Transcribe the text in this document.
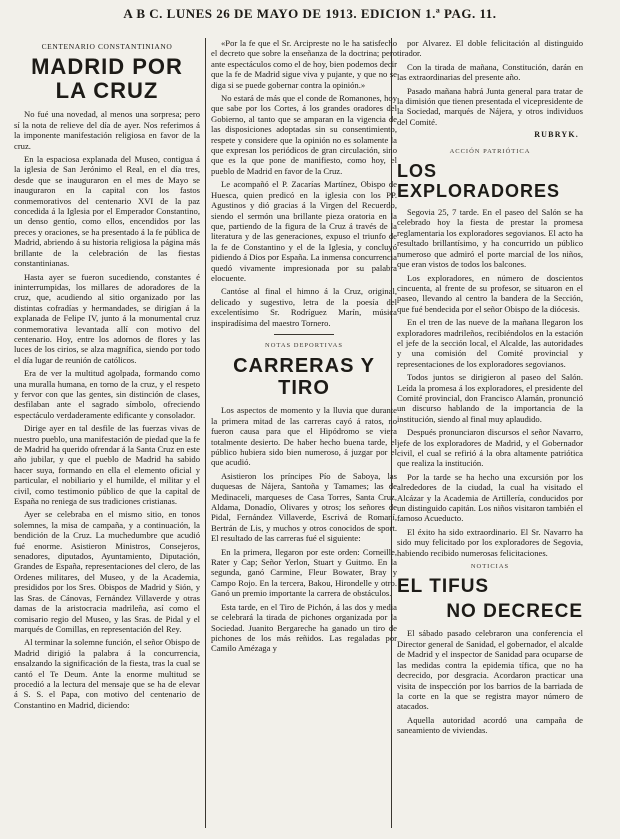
A B C. LUNES 26 DE MAYO DE 1913. EDICION 1.ª PAG. 11.
CENTENARIO CONSTANTINIANO
MADRID POR LA CRUZ

No fué una novedad, al menos una sorpresa; pero sí la nota de relieve del día de ayer. Nos referimos á la imponente manifestación religiosa en favor de la cruz.

En la espaciosa explanada del Museo, contigua á la iglesia de San Jerónimo el Real, en el día tres, desde que se inauguraron en el mes de Mayo se inauguraron en la capital con los fastos conmemorativos del centenario XVI de la paz concedida á la Iglesia por el Emperador Constantino, un denso gentío, como ellos, encendidos por las preces y oraciones, se ha presentado á la fe pública de Madrid, abriendo á su historia religiosa la página más brillante de la celebración de las fiestas constantinianas.

Hasta ayer se fueron sucediendo, constantes é ininterrumpidas, los millares de adoradores de la cruz, que, acudiendo al sitio organizado por las distintas cofradías y hermandades, se dirigían á la explanada de Felipe IV, junto á la monumental cruz conmemorativa levantada allí con motivo del centenario. Hoy, entre los adornos de flores y las luces de los cirios, se alza magnífica, siendo por todo el día lugar de reunión de católicos.

Era de ver la multitud agolpada, formando como una muralla humana, en torno de la cruz, y el respeto y fervor con que las gentes, sin distinción de clases, desfilaban ante el sagrado símbolo, ofreciendo espectáculo verdaderamente edificante y consolador.

Dirige ayer en tal desfile de las fuerzas vivas de nuestro pueblo, una manifestación de piedad que la fe de Madrid ha querido ofrendar á la Santa Cruz en este año jubilar, y que el pueblo de Madrid ha sabido hacer suya, formando en ella el elemento oficial y particular, el nobiliario y el humilde, el militar y el civil, como testimonio público de que la capital de España no reniega de sus tradiciones cristianas.

Ayer se celebraba en el mismo sitio, en tonos solemnes, la misa de campaña, y a continuación, la bendición de la Cruz. La muchedumbre que acudió fué enorme. Asistieron Ministros, Consejeros, senadores, diputados, Ayuntamiento, Diputación, Grandes de España, representaciones del clero, de las Ordenes militares, del Museo, y de la Academia, presididos por los Sres. Obispos de Madrid y Sión, y las Sras. de Cánovas, Fernández Villaverde y otras damas de la aristocracia madrileña, así como el comisario regio del Museo, y las Sras. de Pidal y el marqués de Comillas, en representación del Rey.

Al terminar la solemne función, el señor Obispo de Madrid dirigió la palabra á la concurrencia, ensalzando la significación de la fiesta, tras la cual se cantó el Te Deum. Ante la enorme multitud se procedió a la lectura del mensaje que se ha de elevar á S. S. el Papa, con motivo del centenario de Constantino en Madrid, diciendo:

«Por la fe que el Sr. Arcipreste no le ha satisfecho el decreto que sobre la enseñanza de la doctrina; pero ante espectáculos como el de hoy, bien podemos decir que la fe de Madrid sigue viva y pujante, y que no se diga si se puede gobernar contra la opinión.»

No estará de más que el conde de Romanones, hoy que sabe por los Cortes, á los grandes oradores del Gobierno, al tanto que se amparan en la vigencia de las disposiciones adoptadas sin su consentimiento, respete y considere que la opinión no es solamente la que expresan los periódicos de gran circulación, sino que es la que pone de manifiesto, como hoy, el pueblo de Madrid en favor de la Cruz.

Le acompañó el P. Zacarías Martínez, Obispo de Huesca, quien predicó en la iglesia con los PP. Agustinos y dió gracias á la Virgen del Recuerdo, siendo el sermón una brillante pieza oratoria en la que, partiendo de la figura de la Cruz á través de la literatura y de las generaciones, expuso el triunfo de la fe de Constantino y el de la Iglesia, y concluyó pidiendo á Dios por España. La inmensa concurrencia quedó vivamente impresionada por su palabra elocuente.

Cantóse al final el himno á la Cruz, original, delicado y sugestivo, letra de la poesía del excelentísimo Sr. Rodríguez Marín, música inspiradísima del maestro Tornero.

NOTAS DEPORTIVAS
CARRERAS Y TIRO

Los aspectos de momento y la lluvia que durante la primera mitad de las carreras cayó á ratos, no fueron causa para que el Hipódromo se viera totalmente desierto. De haber hecho buena tarde, el público hubiera sido bien numeroso, á juzgar por el que acudió.

Asistieron los príncipes Pío de Saboya, las duquesas de Nájera, Santoña y Tamames; las de Medinaceli, marqueses de Casa Torres, Santa Cruz, Aldama, Donadío, Olivares y otros; los señores de Pidal, Fernández Villaverde, Escrivá de Romaní, Bertrán de Lis, y muchos y otros conocidos de sport. El resultado de las carreras fué el siguiente:

En la primera, llegaron por este orden: Corneille, Rater y Cap; Señor Yerlon, Stuart y Guitmo. En la segunda, ganó Carmine, Fleur Bowater, Bray y Campo Rojo. En la tercera, Bakou, Hirondelle y otro. Ganó un premio importante la carrera de obstáculos.

Esta tarde, en el Tiro de Pichón, á las dos y media se celebrará la tirada de pichones organizada por la Sociedad. Juanito Bergareche ha ganado un tiro de pichones de los más reñidos. Las regaladas por Camilo Amézaga y

por Alvarez. El doble felicitación al distinguido tirador.

Con la tirada de mañana, Constitución, darán en las extraordinarias del presente año.

Pasado mañana habrá Junta general para tratar de la dimisión que tienen presentada el vicepresidente de la Sociedad, marqués de Nájera, y otros individuos del Comité.

RUBRYK.
ACCIÓN PATRIÓTICA
LOS EXPLORADORES

Segovia 25, 7 tarde. En el paseo del Salón se ha celebrado hoy la fiesta de prestar la promesa reglamentaria los exploradores segovianos. El acto ha resultado brillantísimo, y ha concurrido un público numeroso que admiró el porte marcial de los niños, que eran vistos de todos los balcones.

Los exploradores, en número de doscientos cincuenta, al frente de su profesor, se situaron en el paseo, llevando al centro la bandera de la Sección, que fué bendecida por el señor Obispo de la diócesis.

En el tren de las nueve de la mañana llegaron los exploradores madrileños, recibiéndolos en la estación el jefe de la sección local, el Alcalde, las autoridades y una comisión del Comité provincial y representaciones de los exploradores segovianos.

Todos juntos se dirigieron al paseo del Salón. Leída la promesa á los exploradores, el presidente del Comité provincial, don Francisco Alamán, pronunció un discurso hablando de la importancia de la institución, siendo al final muy aplaudido.

Después pronunciaron discursos el señor Navarro, jefe de los exploradores de Madrid, y el Gobernador civil, el cual se refirió á la obra altamente patriótica que realiza la institución.

Por la tarde se ha hecho una excursión por los alrededores de la ciudad, la cual ha visitado el Alcázar y la Academia de Artillería, conducidos por un distinguido capitán. Los niños visitaron también el famoso Acueducto.

El éxito ha sido extraordinario. El Sr. Navarro ha sido muy felicitado por los exploradores de Segovia, habiendo recibido numerosas felicitaciones.

NOTICIAS
EL TIFUS
NO DECRECE

El sábado pasado celebraron una conferencia el Director general de Sanidad, el gobernador, el alcalde de Madrid y el inspector de Sanidad para ocuparse de las medidas contra la epidemia tífica, que no ha decrecido, por desgracia. Acordaron practicar una visita de inspección por los barrios de la barriada de la corte en la que se registra mayor número de atacados.

Aquella autoridad acordó una campaña de saneamiento de viviendas.
